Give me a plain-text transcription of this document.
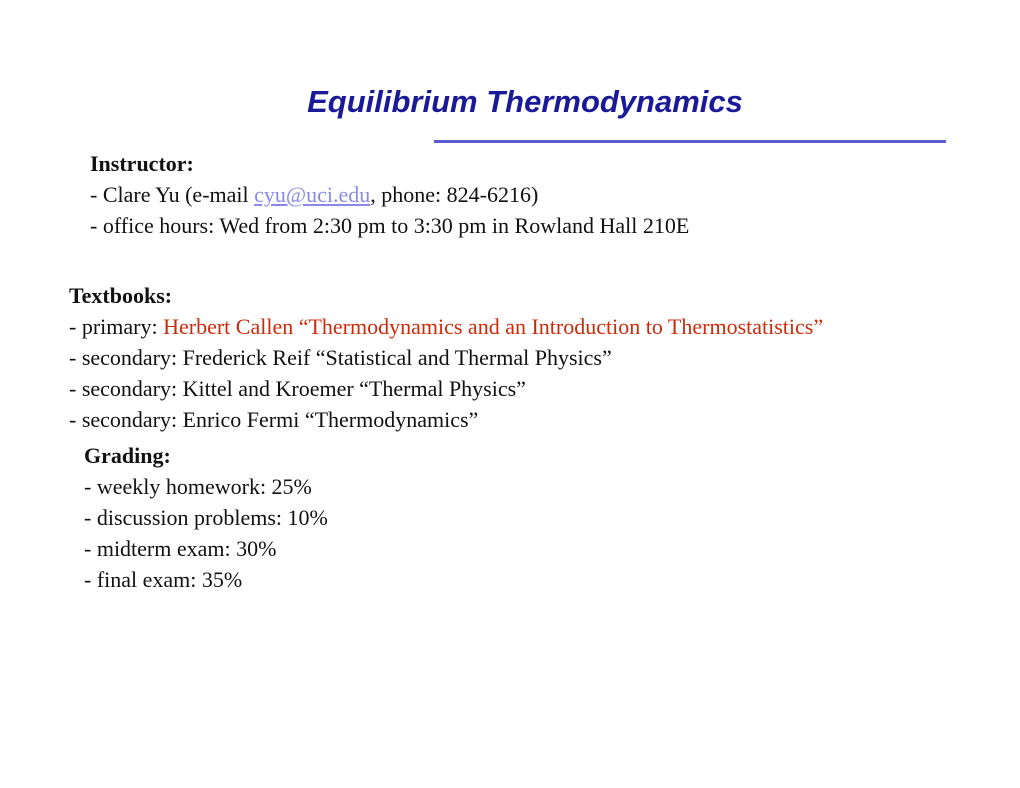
Equilibrium Thermodynamics
Instructor:
- Clare Yu (e-mail cyu@uci.edu, phone: 824-6216)
- office hours: Wed from 2:30 pm to 3:30 pm in Rowland Hall 210E
Textbooks:
- primary: Herbert Callen “Thermodynamics and an Introduction to Thermostatistics”
- secondary: Frederick Reif “Statistical and Thermal Physics”
- secondary: Kittel and Kroemer “Thermal Physics”
- secondary: Enrico Fermi “Thermodynamics”
Grading:
- weekly homework: 25%
- discussion problems: 10%
- midterm exam: 30%
- final exam: 35%
